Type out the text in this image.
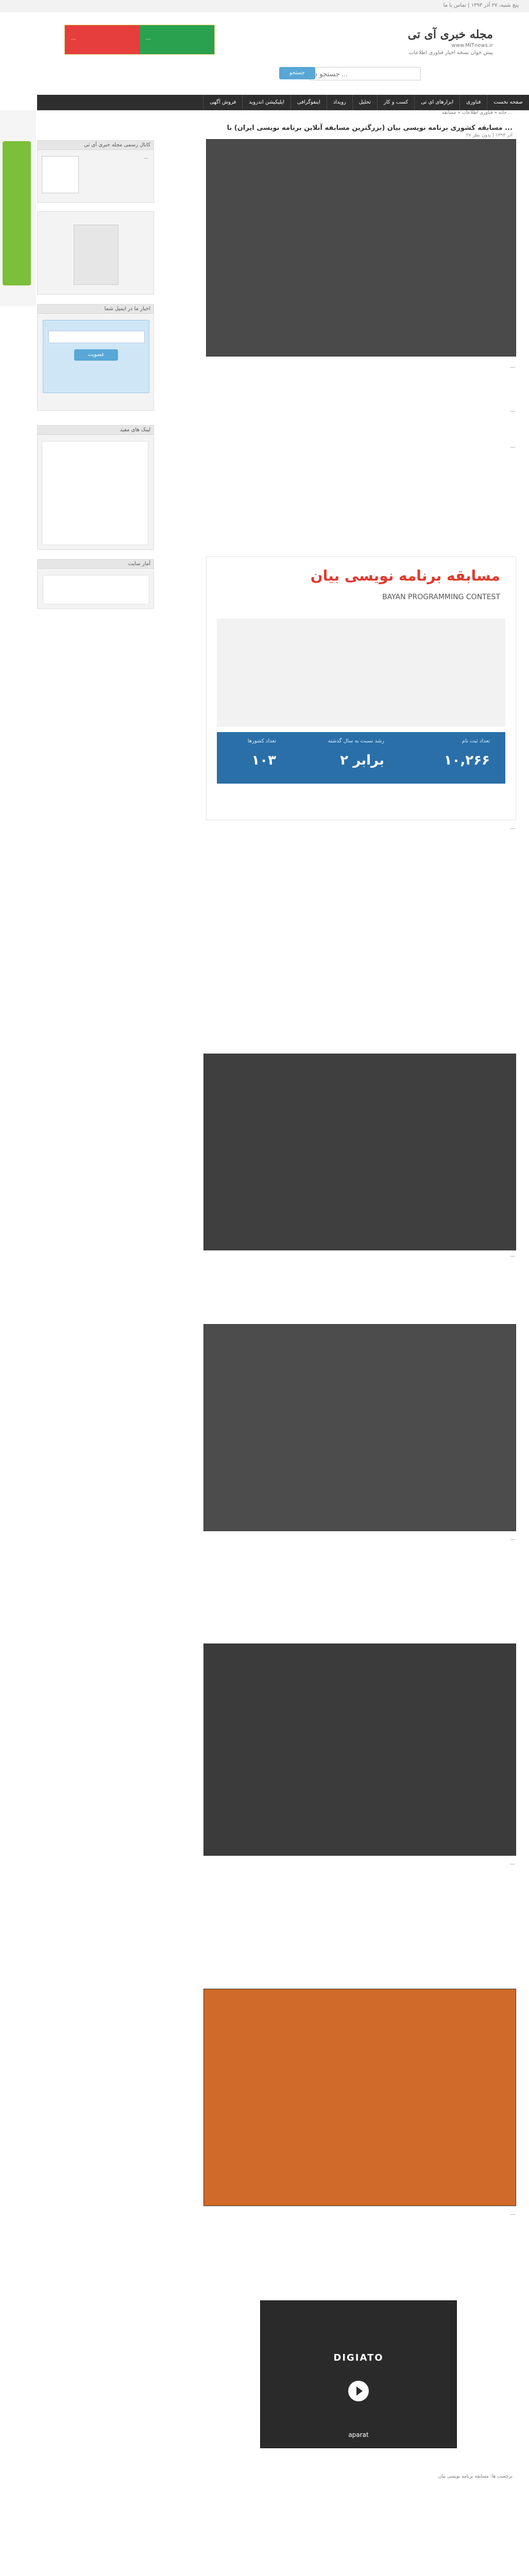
پنج شنبه، ۲۷ آذر ۱۳۹۳ | تماس با ما
مجله خبری آی تی
www.MITnews.ir
پیش خوان نسخه اخبار فناوری اطلاعات
...	...
جستجو در ...
جستجو
صفحه نخست
فناوری
ابزارهای ای تی
کسب و کار
تحلیل
رویداد
اینفوگرافی
اپلیکیشن اندروید
فروش آگهی
کانال رسمی مجله خبری آی تی
...
اخبار ما در ایمیل شما
عضویت
لینک های مفید
آمار سایت
خانه » فناوری اطلاعات » مسابقه ...
مسابقه کشوری برنامه نویسی بیان (بزرگترین مسابقه آنلاین برنامه نویسی ایران) با ...
۲۷ آذر ۱۳۹۳ | بدون نظر
...
...
...
مسابقه برنامه نویسی بیان
BAYAN PROGRAMMING CONTEST
۱۰,۲۶۶
۲ برابر
۱۰۳
تعداد ثبت نام
رشد نسبت به سال گذشته
تعداد کشورها
...
...
...
...
...
DIGIATO
aparat
برچسب ها: مسابقه برنامه نویسی بیان
